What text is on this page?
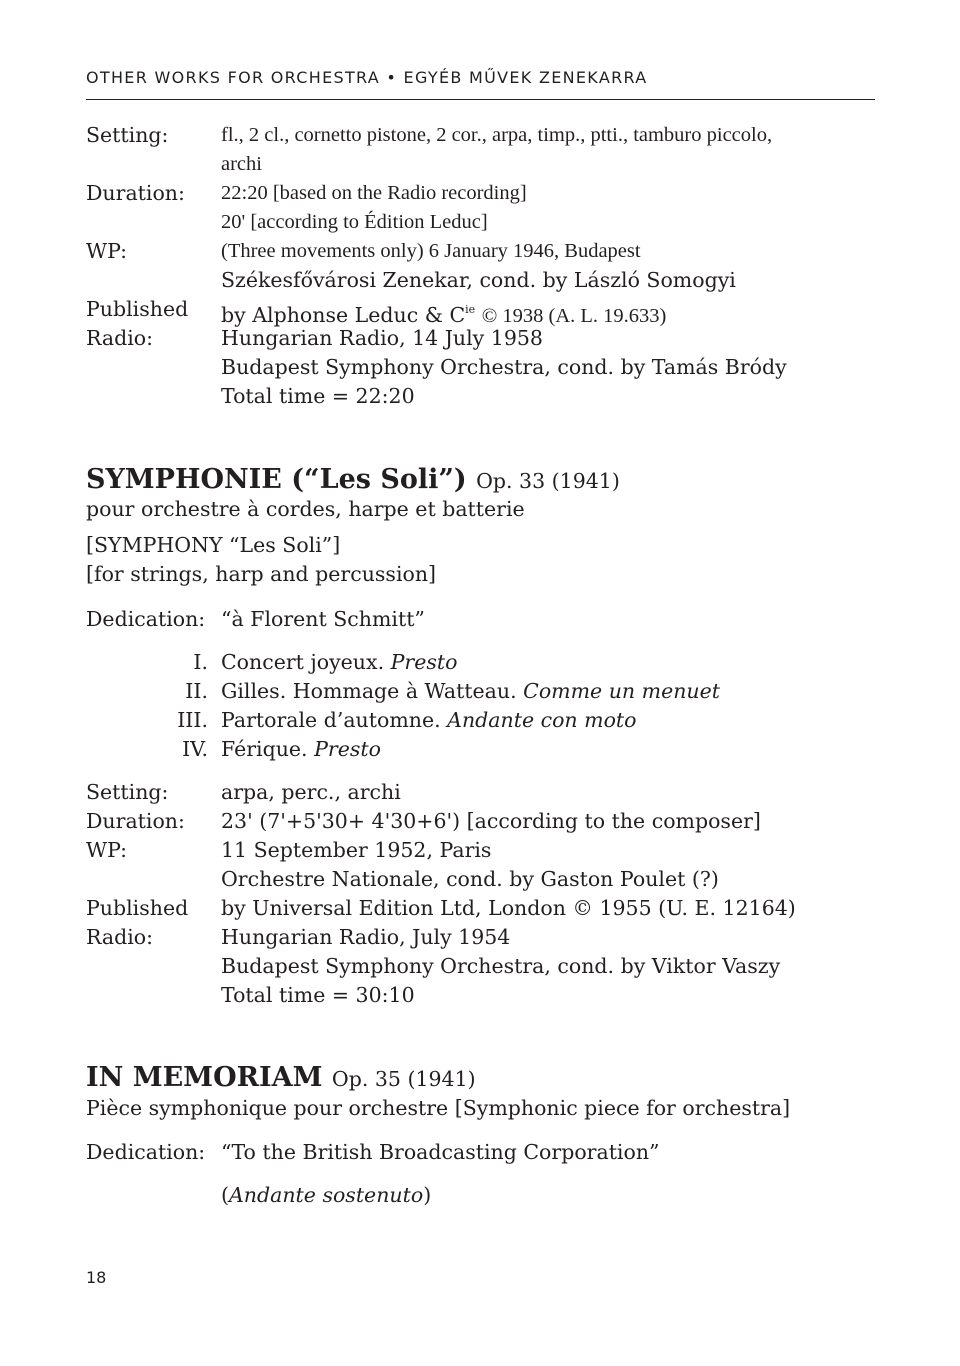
OTHER WORKS FOR ORCHESTRA • EGYÉB MŰVEK ZENEKARRA
Setting:	fl., 2 cl., cornetto pistone, 2 cor., arpa, timp., ptti., tamburo piccolo,
archi
Duration: 22:20 [based on the Radio recording]
20' [according to Édition Leduc]
WP:	(Three movements only) 6 January 1946, Budapest
Székesfővárosi Zenekar, cond. by László Somogyi
Published by Alphonse Leduc & $C^{ie}$ © 1938 (A. L. 19.633)
Radio:	Hungarian Radio, 14 July 1958
Budapest Symphony Orchestra, cond. by Tamás Bródy
Total time = 22:20
SYMPHONIE (“Les Soli”) Op. 33 (1941)
pour orchestre à cordes, harpe et batterie
[SYMPHONY “Les Soli”]
[for strings, harp and percussion]
Dedication: “à Florent Schmitt”
I. Concert joyeux. Presto
II. Gilles. Hommage à Watteau. Comme un menuet
III. Partorale d’automne. Andante con moto
IV. Férique. Presto
Setting:	arpa, perc., archi
Duration: 23' (7'+5'30+ 4'30+6') [according to the composer]
WP:	11 September 1952, Paris
Orchestre Nationale, cond. by Gaston Poulet (?)
Published by Universal Edition Ltd, London © 1955 (U. E. 12164)
Radio:	Hungarian Radio, July 1954
Budapest Symphony Orchestra, cond. by Viktor Vaszy
Total time = 30:10
IN MEMORIAM Op. 35 (1941)
Pièce symphonique pour orchestre [Symphonic piece for orchestra]
Dedication: “To the British Broadcasting Corporation”
(Andante sostenuto)
18
